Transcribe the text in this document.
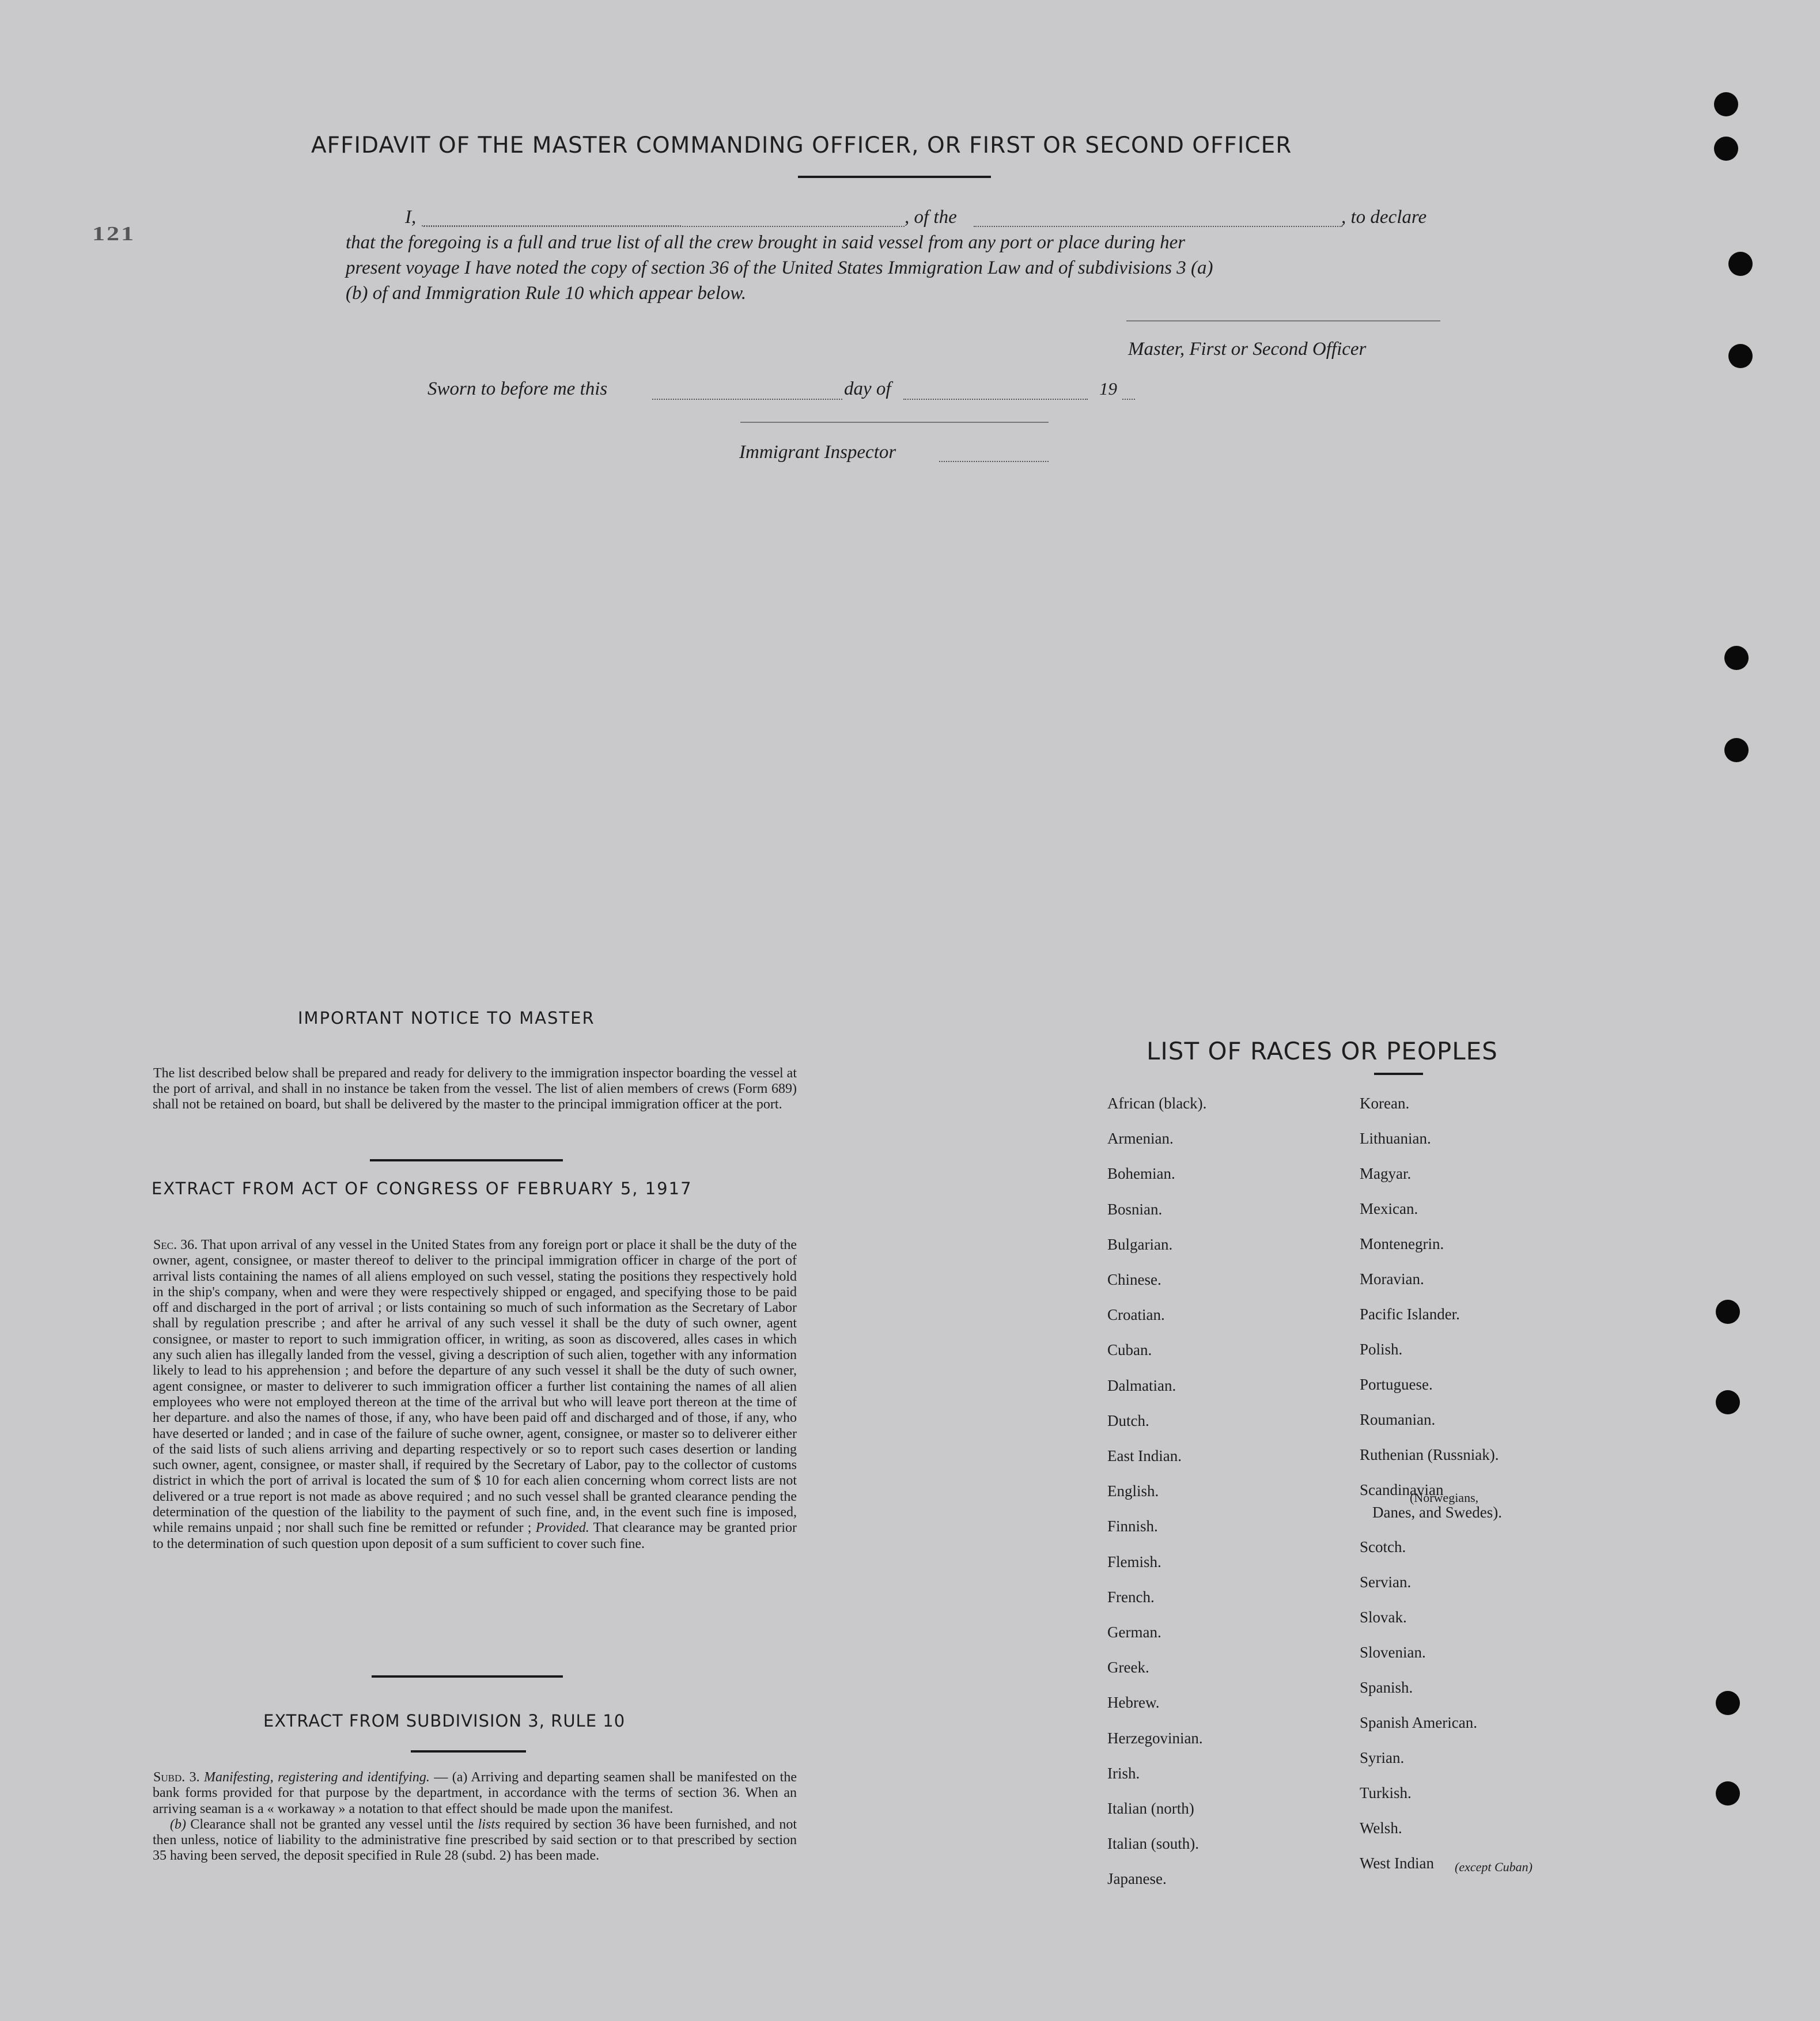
121
AFFIDAVIT OF THE MASTER COMMANDING OFFICER, OR FIRST OR SECOND OFFICER
I,	, of the	, to declare
that the foregoing is a full and true list of all the crew brought in said vessel from any port or place during her
present voyage I have noted the copy of section 36 of the United States Immigration Law and of subdivisions 3 (a)
(b) of and Immigration Rule 10 which appear below.
Master, First or Second Officer
Sworn to before me this	day of	19
Immigrant Inspector
IMPORTANT NOTICE TO MASTER
The list described below shall be prepared and ready for delivery to the immigration inspector boarding the vessel at the port of arrival, and shall in no instance be taken from the vessel. The list of alien members of crews (Form 689) shall not be retained on board, but shall be delivered by the master to the principal immigration officer at the port.
EXTRACT FROM ACT OF CONGRESS OF FEBRUARY 5, 1917

Sec. 36. That upon arrival of any vessel in the United States from any foreign port or place it shall be the duty of the owner, agent, consignee, or master thereof to deliver to the principal immigration officer in charge of the port of arrival lists containing the names of all aliens employed on such vessel, stating the positions they respectively hold in the ship's company, when and were they were respectively shipped or engaged, and specifying those to be paid off and discharged in the port of arrival ; or lists containing so much of such information as the Secretary of Labor shall by regulation prescribe ; and after he arrival of any such vessel it shall be the duty of such owner, agent consignee, or master to report to such immigration officer, in writing, as soon as discovered, alles cases in which any such alien has illegally landed from the vessel, giving a description of such alien, together with any information likely to lead to his apprehension ; and before the departure of any such vessel it shall be the duty of such owner, agent consignee, or master to deliverer to such immigration officer a further list containing the names of all alien employees who were not employed thereon at the time of the arrival but who will leave port thereon at the time of her departure. and also the names of those, if any, who have been paid off and discharged and of those, if any, who have deserted or landed ; and in case of the failure of suche owner, agent, consignee, or master so to deliverer either of the said lists of such aliens arriving and departing respectively or so to report such cases desertion or landing such owner, agent, consignee, or master shall, if required by the Secretary of Labor, pay to the collector of customs district in which the port of arrival is located the sum of $ 10 for each alien concerning whom correct lists are not delivered or a true report is not made as above required ; and no such vessel shall be granted clearance pending the determination of the question of the liability to the payment of such fine, and, in the event such fine is imposed, while remains unpaid ; nor shall such fine be remitted or refunder ; Provided. That clearance may be granted prior to the determination of such question upon deposit of a sum sufficient to cover such fine.

EXTRACT FROM SUBDIVISION 3, RULE 10

Subd. 3. Manifesting, registering and identifying. — (a) Arriving and departing seamen shall be manifested on the bank forms provided for that purpose by the department, in accordance with the terms of section 36. When an arriving seaman is a « workaway » a notation to that effect should be made upon the manifest.

(b) Clearance shall not be granted any vessel until the lists required by section 36 have been furnished, and not then unless, notice of liability to the administrative fine prescribed by said section or to that prescribed by section 35 having been served, the deposit specified in Rule 28 (subd. 2) has been made.

LIST OF RACES OR PEOPLES
African (black).
Armenian.
Bohemian.
Bosnian.
Bulgarian.
Chinese.
Croatian.
Cuban.
Dalmatian.
Dutch.
East Indian.
English.
Finnish.
Flemish.
French.
German.
Greek.
Hebrew.
Herzegovinian.
Irish.
Italian (north)
Italian (south).
Japanese.
Korean.
Lithuanian.
Magyar.
Mexican.
Montenegrin.
Moravian.
Pacific Islander.
Polish.
Portuguese.
Roumanian.
Ruthenian (Russniak).
Scandinavian
Scotch.
Servian.
Slovak.
Slovenian.
Spanish.
Spanish American.
Syrian.
Turkish.
Welsh.
West Indian
(Norwegians,
Danes, and Swedes).
(except Cuban)
